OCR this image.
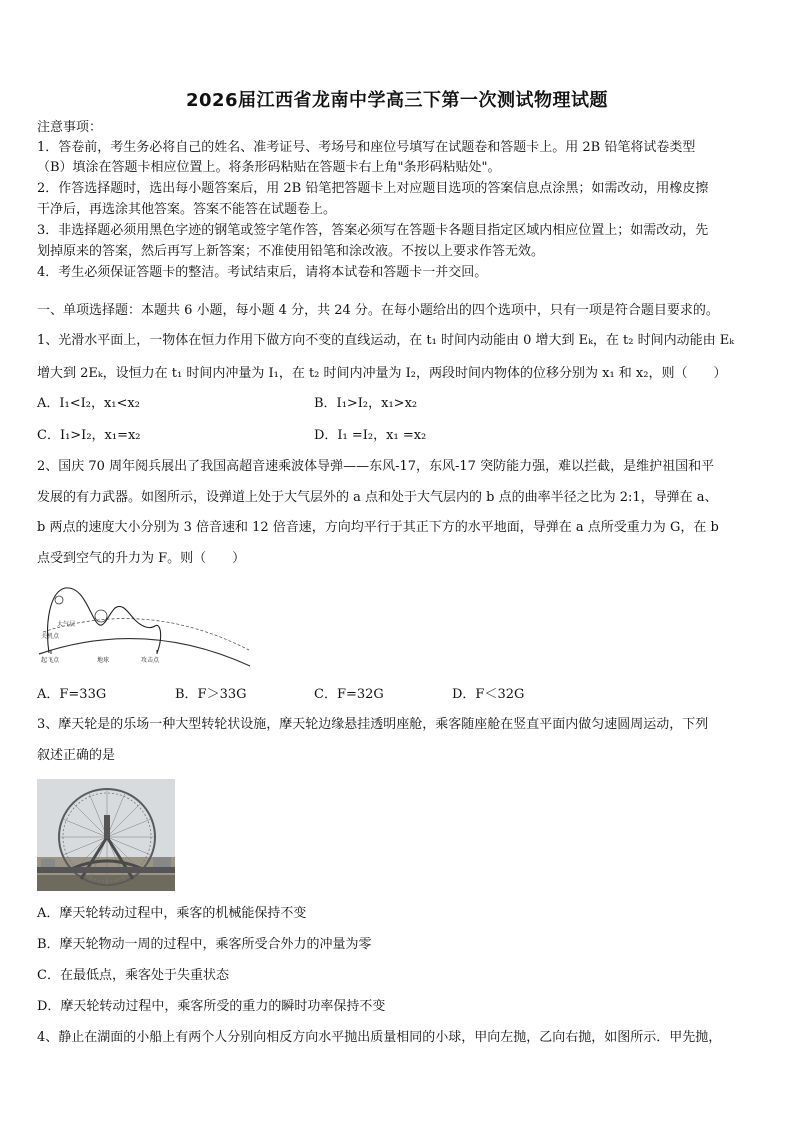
2026届江西省龙南中学高三下第一次测试物理试题
注意事项：
1．答卷前，考生务必将自己的姓名、准考证号、考场号和座位号填写在试题卷和答题卡上。用 2B 铅笔将试卷类型
（B）填涂在答题卡相应位置上。将条形码粘贴在答题卡右上角"条形码粘贴处"。
2．作答选择题时，选出每小题答案后，用 2B 铅笔把答题卡上对应题目选项的答案信息点涂黑；如需改动，用橡皮擦
干净后，再选涂其他答案。答案不能答在试题卷上。
3．非选择题必须用黑色字迹的钢笔或签字笔作答，答案必须写在答题卡各题目指定区域内相应位置上；如需改动，先
划掉原来的答案，然后再写上新答案；不准使用铅笔和涂改液。不按以上要求作答无效。
4．考生必须保证答题卡的整洁。考试结束后，请将本试卷和答题卡一并交回。
一、单项选择题：本题共 6 小题，每小题 4 分，共 24 分。在每小题给出的四个选项中，只有一项是符合题目要求的。
1、光滑水平面上，一物体在恒力作用下做方向不变的直线运动，在 t₁ 时间内动能由 0 增大到 Eₖ，在 t₂ 时间内动能由 Eₖ
增大到 2Eₖ，设恒力在 t₁ 时间内冲量为 I₁，在 t₂ 时间内冲量为 I₂，两段时间内物体的位移分别为 x₁ 和 x₂，则（　　）
A．I₁<I₂，x₁<x₂	B．I₁>I₂，x₁>x₂
C．I₁>I₂，x₁=x₂	D．I₁ =I₂，x₁ =x₂
2、国庆 70 周年阅兵展出了我国高超音速乘波体导弹——东风-17，东风-17 突防能力强，难以拦截，是维护祖国和平
发展的有力武器。如图所示，设弹道上处于大气层外的 a 点和处于大气层内的 b 点的曲率半径之比为 2:1，导弹在 a、
b 两点的速度大小分别为 3 倍音速和 12 倍音速，方向均平行于其正下方的水平地面，导弹在 a 点所受重力为 G，在 b
点受到空气的升力为 F。则（　　）
大气层
关机点
起飞点	地球	攻击点
A．F=33G	B．F＞33G	C．F=32G	D．F＜32G
3、摩天轮是的乐场一种大型转轮状设施，摩天轮边缘悬挂透明座舱，乘客随座舱在竖直平面内做匀速圆周运动，下列
叙述正确的是
A．摩天轮转动过程中，乘客的机械能保持不变
B．摩天轮物动一周的过程中，乘客所受合外力的冲量为零
C．在最低点，乘客处于失重状态
D．摩天轮转动过程中，乘客所受的重力的瞬时功率保持不变
4、静止在湖面的小船上有两个人分别向相反方向水平抛出质量相同的小球，甲向左抛，乙向右抛，如图所示．甲先抛，
